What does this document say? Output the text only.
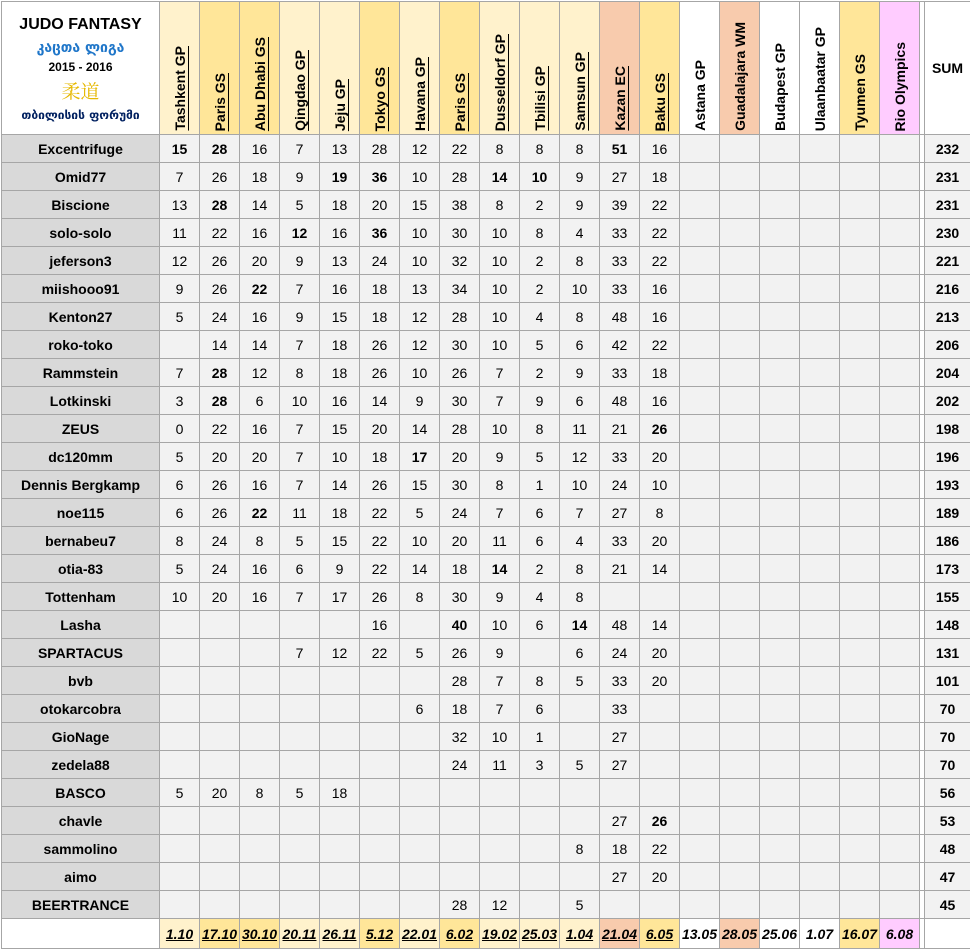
JUDO FANTASY
კაცთა ლიგა
2015 - 2016
柔道
თბილისის ფორუმი	Tashkent GP	Paris GS	Abu Dhabi GS	Qingdao GP	Jeju GP	Tokyo GS	Havana GP	Paris GS	Dusseldorf GP	Tbilisi GP	Samsun GP	Kazan EC	Baku GS	Astana GP	Guadalajara WM	Budapest GP	Ulaanbaatar GP	Tyumen GS	Rio Olympics		SUM
Excentrifuge	15	28	16	7	13	28	12	22	8	8	8	51	16								232
Omid77	7	26	18	9	19	36	10	28	14	10	9	27	18								231
Biscione	13	28	14	5	18	20	15	38	8	2	9	39	22								231
solo-solo	11	22	16	12	16	36	10	30	10	8	4	33	22								230
jeferson3	12	26	20	9	13	24	10	32	10	2	8	33	22								221
miishooo91	9	26	22	7	16	18	13	34	10	2	10	33	16								216
Kenton27	5	24	16	9	15	18	12	28	10	4	8	48	16								213
roko-toko		14	14	7	18	26	12	30	10	5	6	42	22								206
Rammstein	7	28	12	8	18	26	10	26	7	2	9	33	18								204
Lotkinski	3	28	6	10	16	14	9	30	7	9	6	48	16								202
ZEUS	0	22	16	7	15	20	14	28	10	8	11	21	26								198
dc120mm	5	20	20	7	10	18	17	20	9	5	12	33	20								196
Dennis Bergkamp	6	26	16	7	14	26	15	30	8	1	10	24	10								193
noe115	6	26	22	11	18	22	5	24	7	6	7	27	8								189
bernabeu7	8	24	8	5	15	22	10	20	11	6	4	33	20								186
otia-83	5	24	16	6	9	22	14	18	14	2	8	21	14								173
Tottenham	10	20	16	7	17	26	8	30	9	4	8										155
Lasha						16		40	10	6	14	48	14								148
SPARTACUS				7	12	22	5	26	9		6	24	20								131
bvb								28	7	8	5	33	20								101
otokarcobra							6	18	7	6		33									70
GioNage								32	10	1		27									70
zedela88								24	11	3	5	27									70
BASCO	5	20	8	5	18																56
chavle												27	26								53
sammolino											8	18	22								48
aimo												27	20								47
BEERTRANCE								28	12		5										45
	1.10	17.10	30.10	20.11	26.11	5.12	22.01	6.02	19.02	25.03	1.04	21.04	6.05	13.05	28.05	25.06	1.07	16.07	6.08		
